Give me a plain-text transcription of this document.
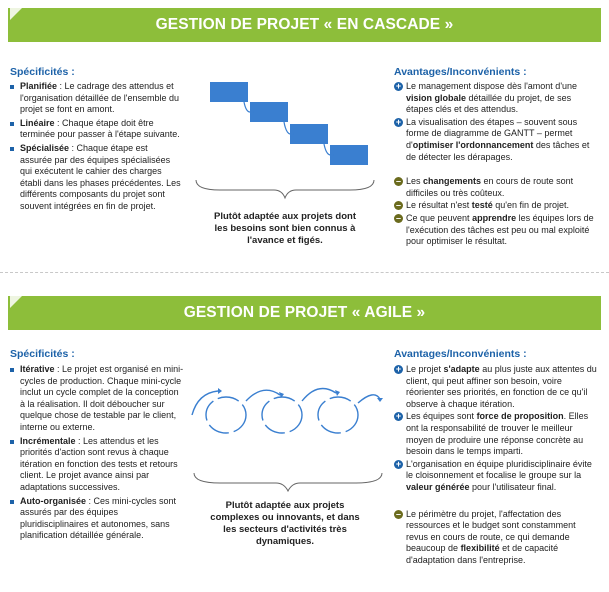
GESTION DE PROJET « EN CASCADE »
Spécificités :
Planifiée : Le cadrage des attendus et l'organisation détaillée de l'ensemble du projet se font en amont.
Linéaire : Chaque étape doit être terminée pour passer à l'étape suivante.
Spécialisée : Chaque étape est assurée par des équipes spécialisées qui exécutent le cahier des charges établi dans les phases précédentes. Les différents composants du projet sont souvent intégrées en fin de projet.
Plutôt adaptée aux projets dont les besoins sont bien connus à l'avance et figés.
Avantages/Inconvénients :
+ Le management dispose dès l'amont d'une vision globale détaillée du projet, de ses étapes clés et des attendus.
+ La visualisation des étapes – souvent sous forme de diagramme de GANTT – permet d'optimiser l'ordonnancement des tâches et de détecter les dérapages.
– Les changements en cours de route sont difficiles ou très coûteux.
– Le résultat n'est testé qu'en fin de projet.
– Ce que peuvent apprendre les équipes lors de l'exécution des tâches est peu ou mal exploité pour optimiser le résultat.
GESTION DE PROJET « AGILE »
Spécificités :
Itérative : Le projet est organisé en mini-cycles de production. Chaque mini-cycle inclut un cycle complet de la conception à la réalisation. Il doit déboucher sur quelque chose de testable par le client, interne ou externe.
Incrémentale : Les attendus et les priorités d'action sont revus à chaque itération en fonction des tests et retours client. Le projet avance ainsi par adaptations successives.
Auto-organisée : Ces mini-cycles sont assurés par des équipes pluridisciplinaires et autonomes, sans planification détaillée générale.
Plutôt adaptée aux projets complexes ou innovants, et dans les secteurs d'activités très dynamiques.
Avantages/Inconvénients :
+ Le projet s'adapte au plus juste aux attentes du client, qui peut affiner son besoin, voire réorienter ses priorités, en fonction de ce qu'il observe à chaque itération.
+ Les équipes sont force de proposition. Elles ont la responsabilité de trouver le meilleur moyen de produire une réponse concrète au besoin dans le temps imparti.
+ L'organisation en équipe pluridisciplinaire évite le cloisonnement et focalise le groupe sur la valeur générée pour l'utilisateur final.
– Le périmètre du projet, l'affectation des ressources et le budget sont constamment revus en cours de route, ce qui demande beaucoup de flexibilité et de capacité d'adaptation dans l'entreprise.
